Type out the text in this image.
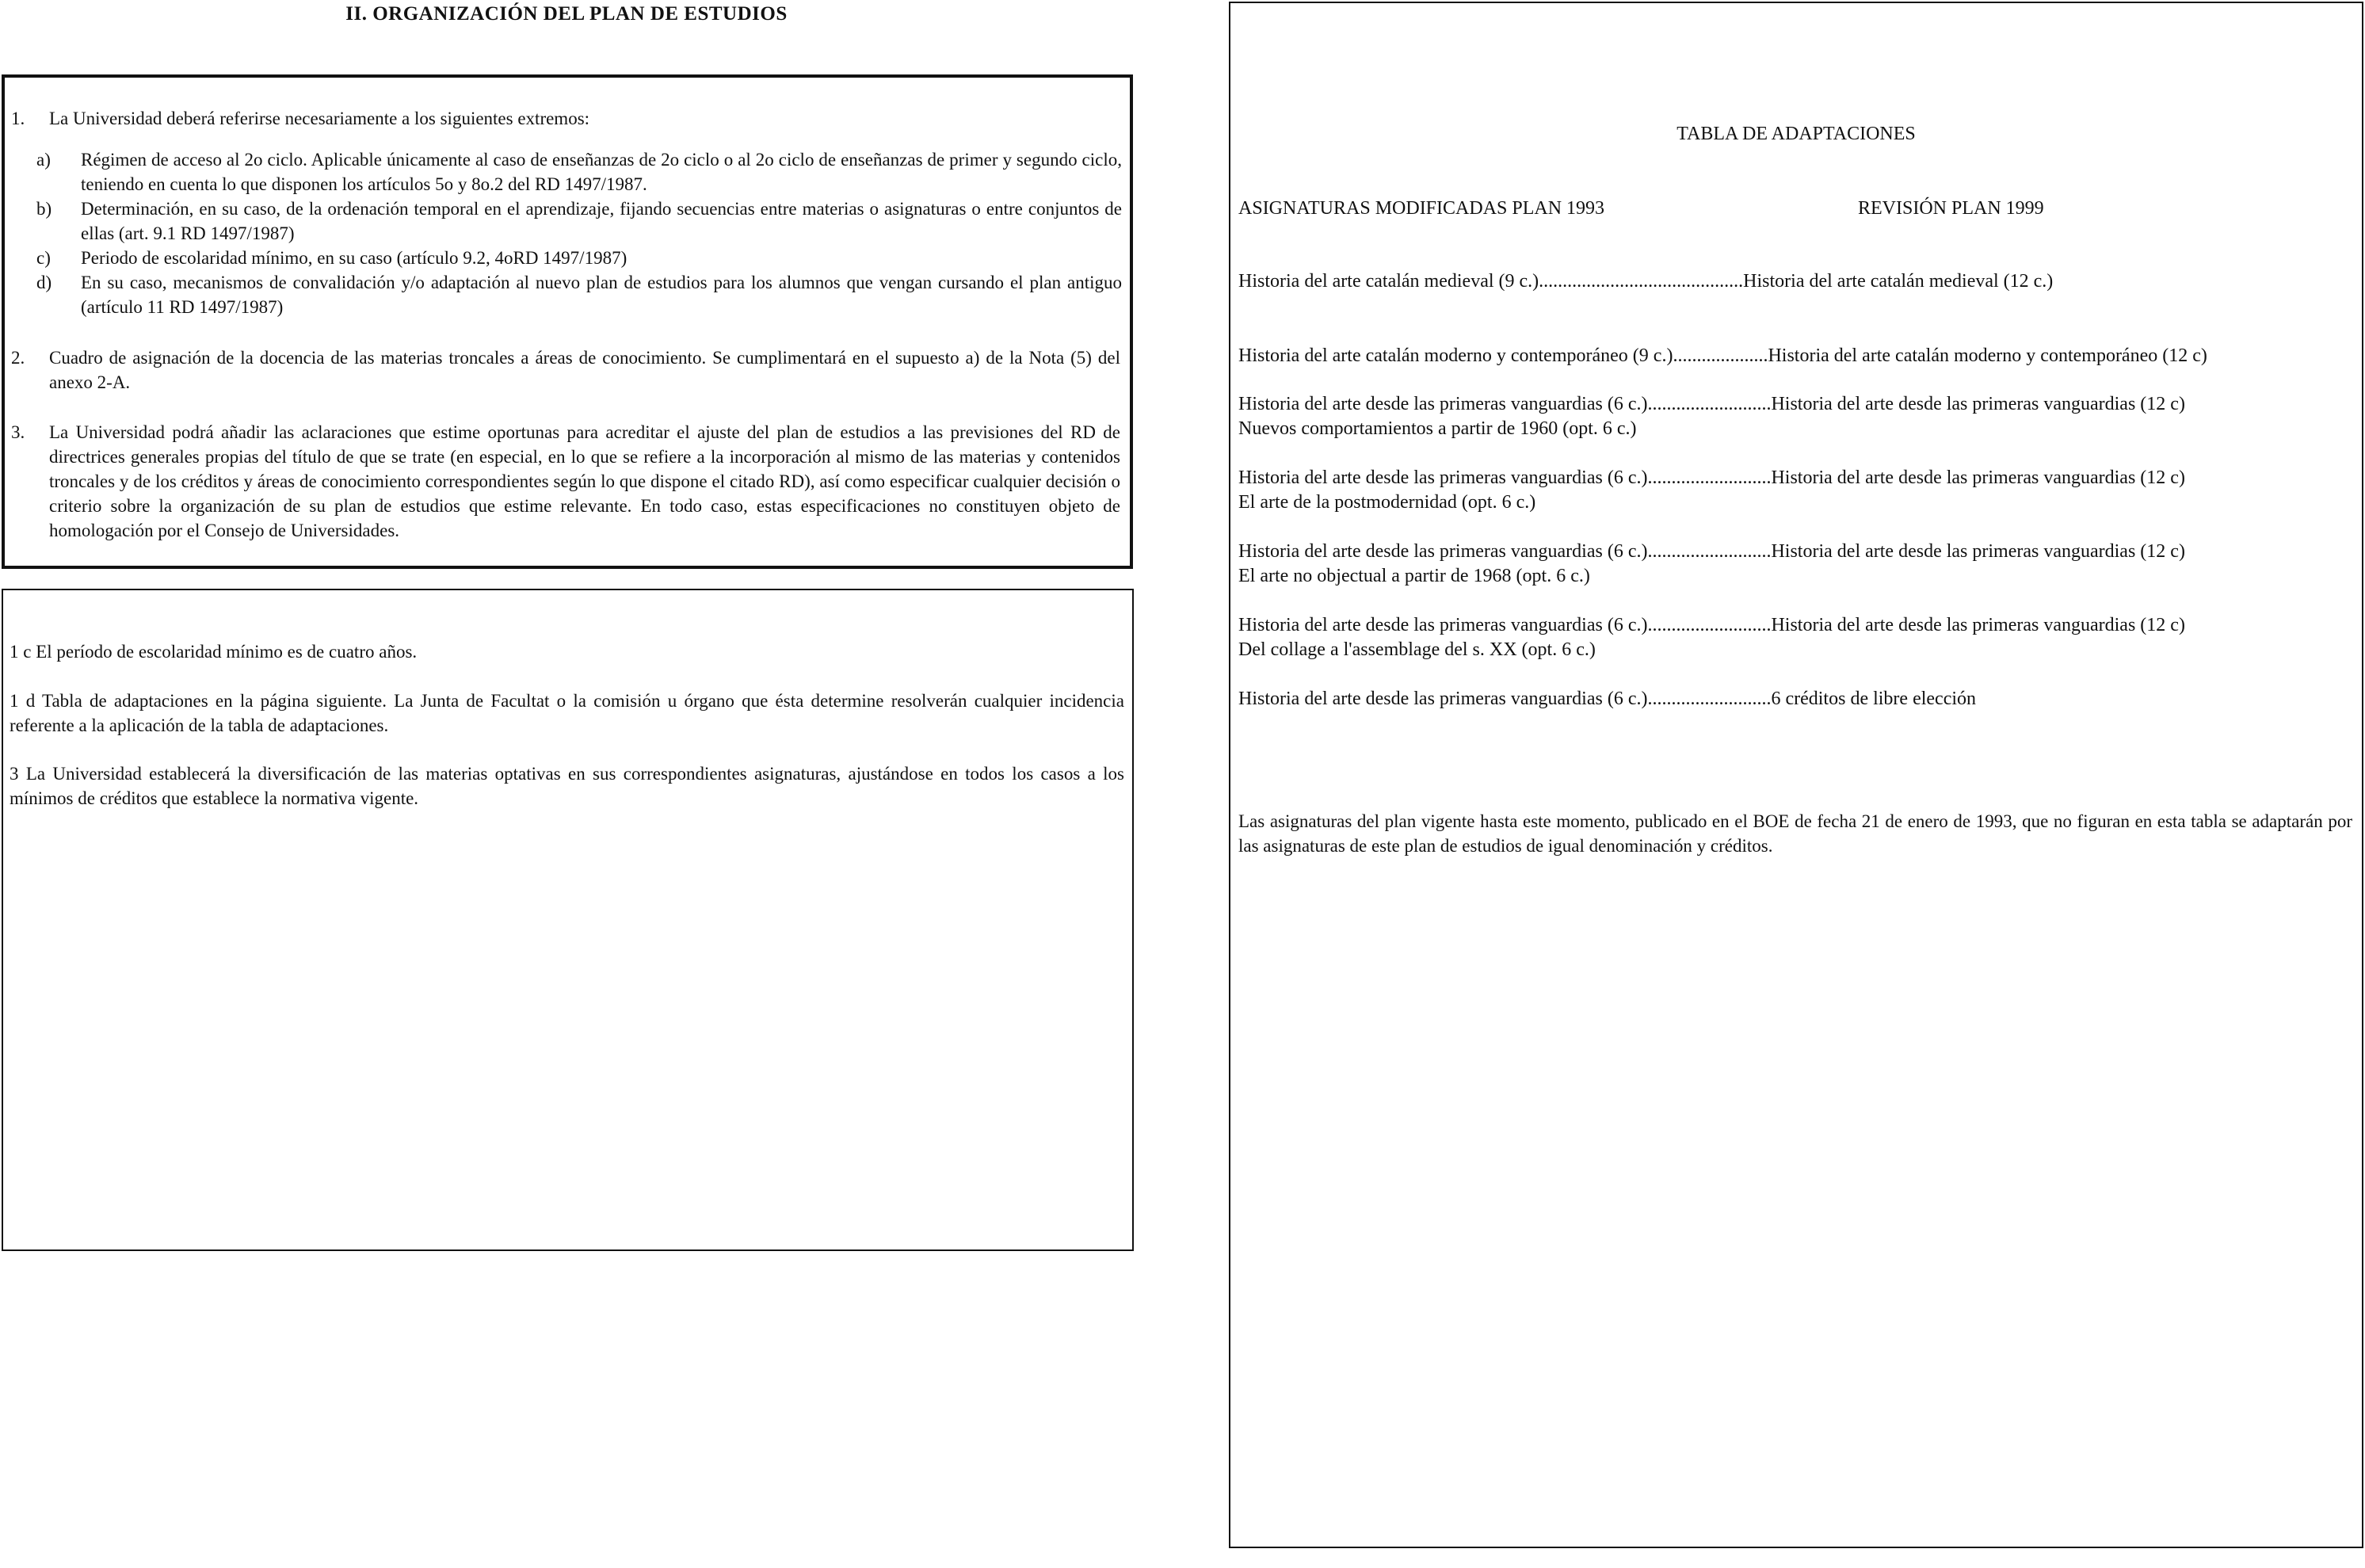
II. ORGANIZACIÓN DEL PLAN DE ESTUDIOS
1.	La Universidad deberá referirse necesariamente a los siguientes extremos:
a)	Régimen de acceso al 2o ciclo. Aplicable únicamente al caso de enseñanzas de 2o ciclo o al 2o ciclo de enseñanzas de primer y segundo ciclo, teniendo en cuenta lo que disponen los artículos 5o y 8o.2 del RD 1497/1987.
b)	Determinación, en su caso, de la ordenación temporal en el aprendizaje, fijando secuencias entre materias o asignaturas o entre conjuntos de ellas (art. 9.1 RD 1497/1987)
c)	Periodo de escolaridad mínimo, en su caso (artículo 9.2, 4oRD 1497/1987)
d)	En su caso, mecanismos de convalidación y/o adaptación al nuevo plan de estudios para los alumnos que vengan cursando el plan antiguo (artículo 11 RD 1497/1987)
2.	Cuadro de asignación de la docencia de las materias troncales a áreas de conocimiento. Se cumplimentará en el supuesto a) de la Nota (5) del anexo 2-A.
3.	La Universidad podrá añadir las aclaraciones que estime oportunas para acreditar el ajuste del plan de estudios a las previsiones del RD de directrices generales propias del título de que se trate (en especial, en lo que se refiere a la incorporación al mismo de las materias y contenidos troncales y de los créditos y áreas de conocimiento correspondientes según lo que dispone el citado RD), así como especificar cualquier decisión o criterio sobre la organización de su plan de estudios que estime relevante. En todo caso, estas especificaciones no constituyen objeto de homologación por el Consejo de Universidades.
1 c El período de escolaridad mínimo es de cuatro años.
1 d Tabla de adaptaciones en la página siguiente. La Junta de Facultat o la comisión u órgano que ésta determine resolverán cualquier incidencia referente a la aplicación de la tabla de adaptaciones.
3 La Universidad establecerá la diversificación de las materias optativas en sus correspondientes asignaturas, ajustándose en todos los casos a los mínimos de créditos que establece la normativa vigente.
TABLA DE ADAPTACIONES
ASIGNATURAS MODIFICADAS PLAN 1993	REVISIÓN PLAN 1999
Historia del arte catalán medieval (9 c.)...........................................Historia del arte catalán medieval (12 c.)
Historia del arte catalán moderno y contemporáneo (9 c.)....................Historia del arte catalán moderno y contemporáneo (12 c)
Historia del arte desde las primeras vanguardias (6 c.)..........................Historia del arte desde las primeras vanguardias (12 c)
Nuevos comportamientos a partir de 1960 (opt. 6 c.)
Historia del arte desde las primeras vanguardias (6 c.)..........................Historia del arte desde las primeras vanguardias (12 c)
El arte de la postmodernidad (opt. 6 c.)
Historia del arte desde las primeras vanguardias (6 c.)..........................Historia del arte desde las primeras vanguardias (12 c)
El arte no objectual a partir de 1968 (opt. 6 c.)
Historia del arte desde las primeras vanguardias (6 c.)..........................Historia del arte desde las primeras vanguardias (12 c)
Del collage a l'assemblage del s. XX (opt. 6 c.)
Historia del arte desde las primeras vanguardias (6 c.)..........................6 créditos de libre elección
Las asignaturas del plan vigente hasta este momento, publicado en el BOE de fecha 21 de enero de 1993, que no figuran en esta tabla se adaptarán por las asignaturas de este plan de estudios de igual denominación y créditos.
